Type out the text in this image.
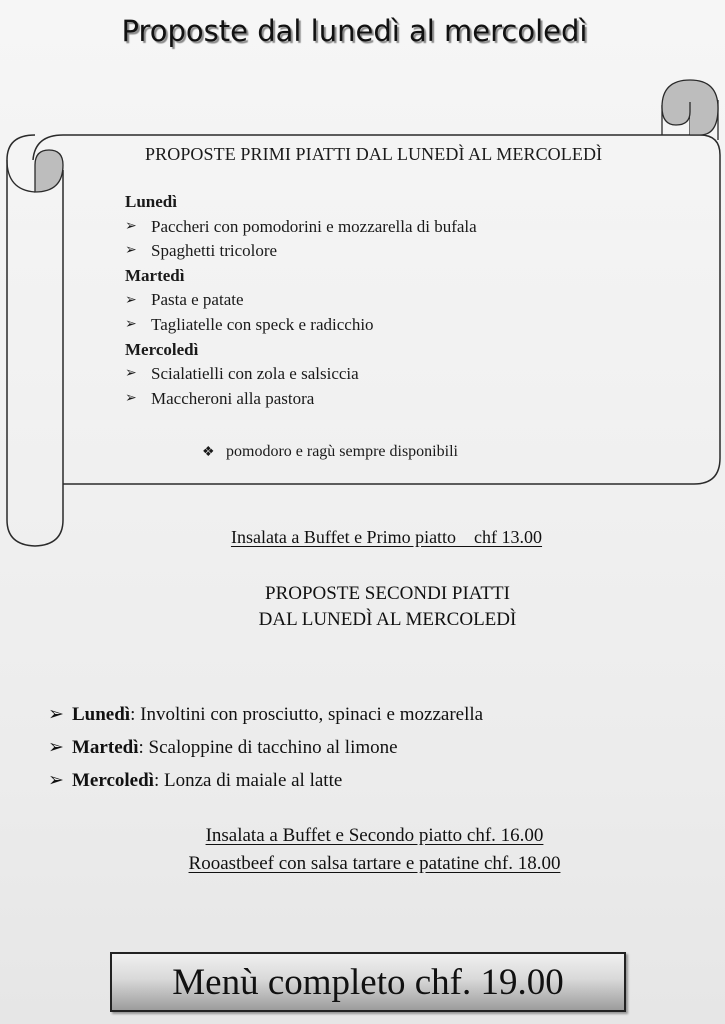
Proposte dal lunedì al mercoledì
PROPOSTE PRIMI PIATTI DAL LUNEDÌ AL MERCOLEDÌ
Lunedì
➢ Paccheri con pomodorini e mozzarella di bufala
➢ Spaghetti tricolore
Martedì
➢ Pasta e patate
➢ Tagliatelle con speck e radicchio
Mercoledì
➢ Scialatielli con zola e salsiccia
➢ Maccheroni alla pastora
❖ pomodoro e ragù sempre disponibili
Insalata a Buffet e Primo piatto    chf 13.00
PROPOSTE SECONDI PIATTI
DAL LUNEDÌ AL MERCOLEDÌ
➢ Lunedì : Involtini con prosciutto, spinaci e mozzarella
➢ Martedì : Scaloppine di tacchino al limone
➢ Mercoledì : Lonza di maiale al latte
Insalata a Buffet e Secondo piatto chf. 16.00
Rooastbeef con salsa tartare e patatine chf. 18.00
Menù completo chf. 19.00
